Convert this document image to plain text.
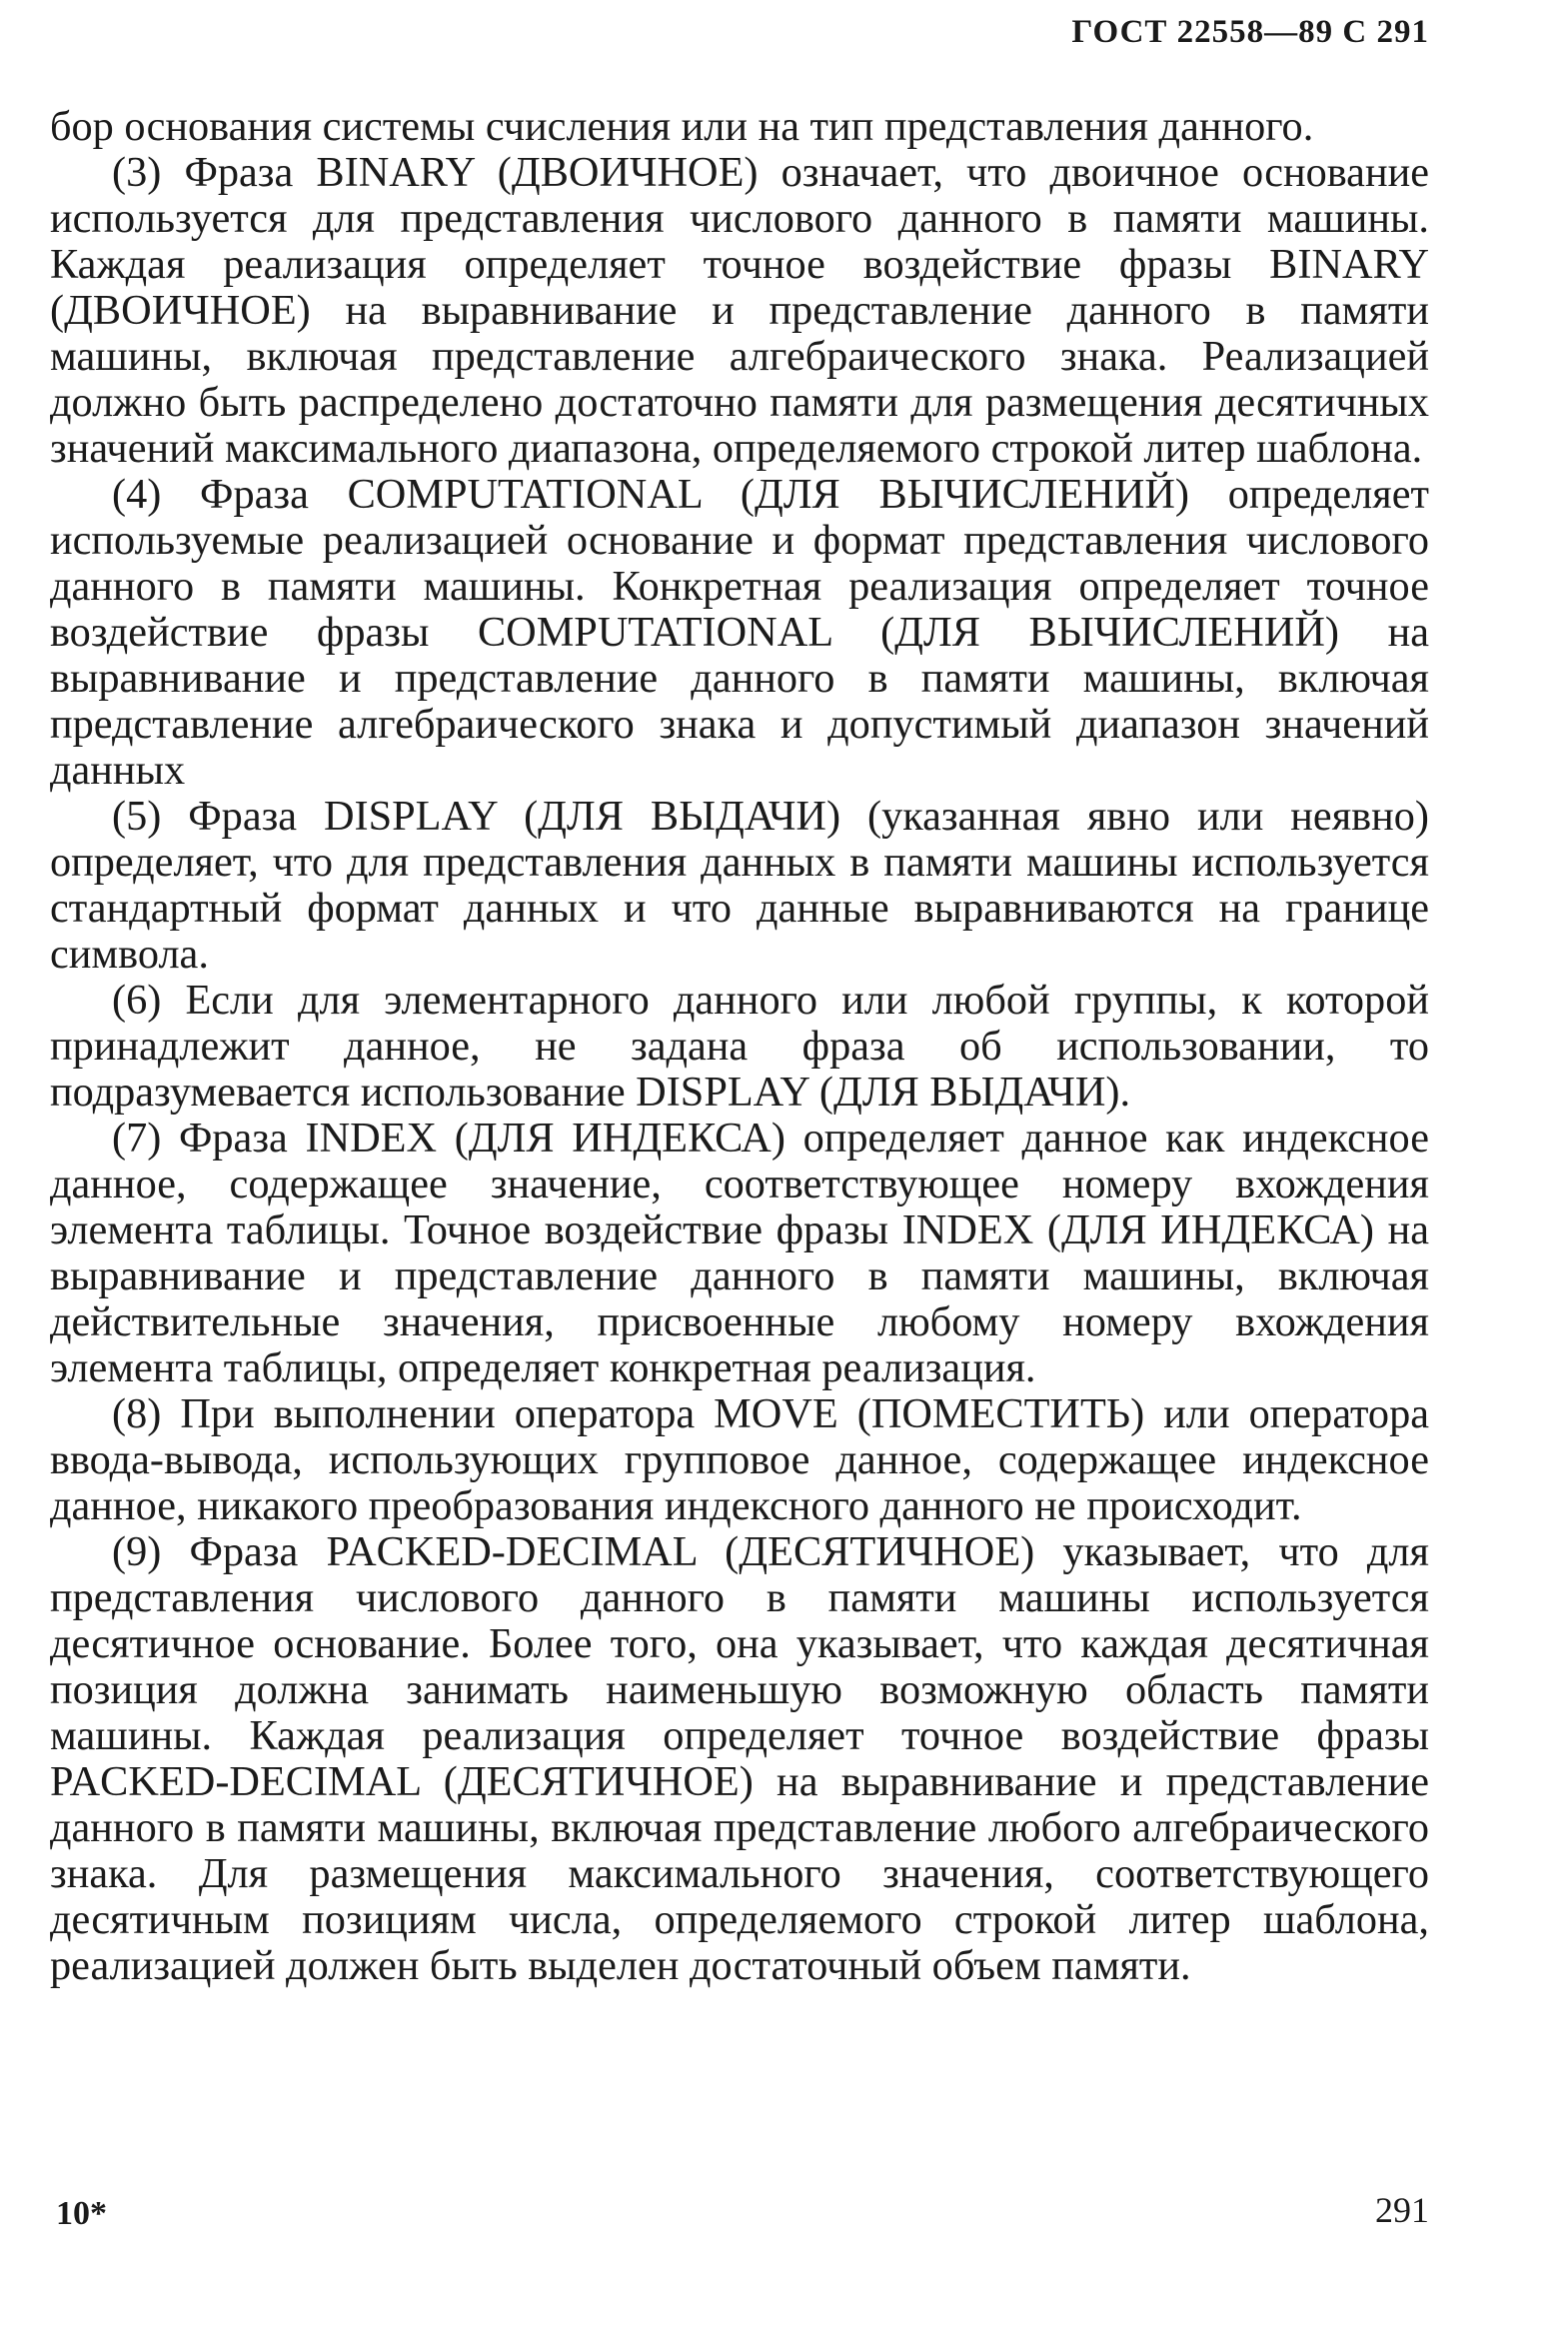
ГОСТ 22558—89 С 291

бор основания системы счисления или на тип представления данного.

(3) Фраза BINARY (ДВОИЧНОЕ) означает, что двоичное основание используется для представления числового данного в памяти машины. Каждая реализация определяет точное воздействие фразы BINARY (ДВОИЧНОЕ) на выравнивание и представление данного в памяти машины, включая представление алгебраического знака. Реализацией должно быть распределено достаточно памяти для размещения десятичных значений максимального диапазона, определяемого строкой литер шаблона.

(4) Фраза COMPUTATIONAL (ДЛЯ ВЫЧИСЛЕНИЙ) определяет используемые реализацией основание и формат представления числового данного в памяти машины. Конкретная реализация определяет точное воздействие фразы COMPUTATIONAL (ДЛЯ ВЫЧИСЛЕНИЙ) на выравнивание и представление данного в памяти машины, включая представление алгебраического знака и допустимый диапазон значений данных

(5) Фраза DISPLAY (ДЛЯ ВЫДАЧИ) (указанная явно или неявно) определяет, что для представления данных в памяти машины используется стандартный формат данных и что данные выравниваются на границе символа.

(6) Если для элементарного данного или любой группы, к которой принадлежит данное, не задана фраза об использовании, то подразумевается использование DISPLAY (ДЛЯ ВЫДАЧИ).

(7) Фраза INDEX (ДЛЯ ИНДЕКСА) определяет данное как индексное данное, содержащее значение, соответствующее номеру вхождения элемента таблицы. Точное воздействие фразы INDEX (ДЛЯ ИНДЕКСА) на выравнивание и представление данного в памяти машины, включая действительные значения, присвоенные любому номеру вхождения элемента таблицы, определяет конкретная реализация.

(8) При выполнении оператора MOVE (ПОМЕСТИТЬ) или оператора ввода-вывода, использующих групповое данное, содержащее индексное данное, никакого преобразования индексного данного не происходит.

(9) Фраза PACKED-DECIMAL (ДЕСЯТИЧНОЕ) указывает, что для представления числового данного в памяти машины используется десятичное основание. Более того, она указывает, что каждая десятичная позиция должна занимать наименьшую возможную область памяти машины. Каждая реализация определяет точное воздействие фразы PACKED-DECIMAL (ДЕСЯТИЧНОЕ) на выравнивание и представление данного в памяти машины, включая представление любого алгебраического знака. Для размещения максимального значения, соответствующего десятичным позициям числа, определяемого строкой литер шаблона, реализацией должен быть выделен достаточный объем памяти.

10*	291
